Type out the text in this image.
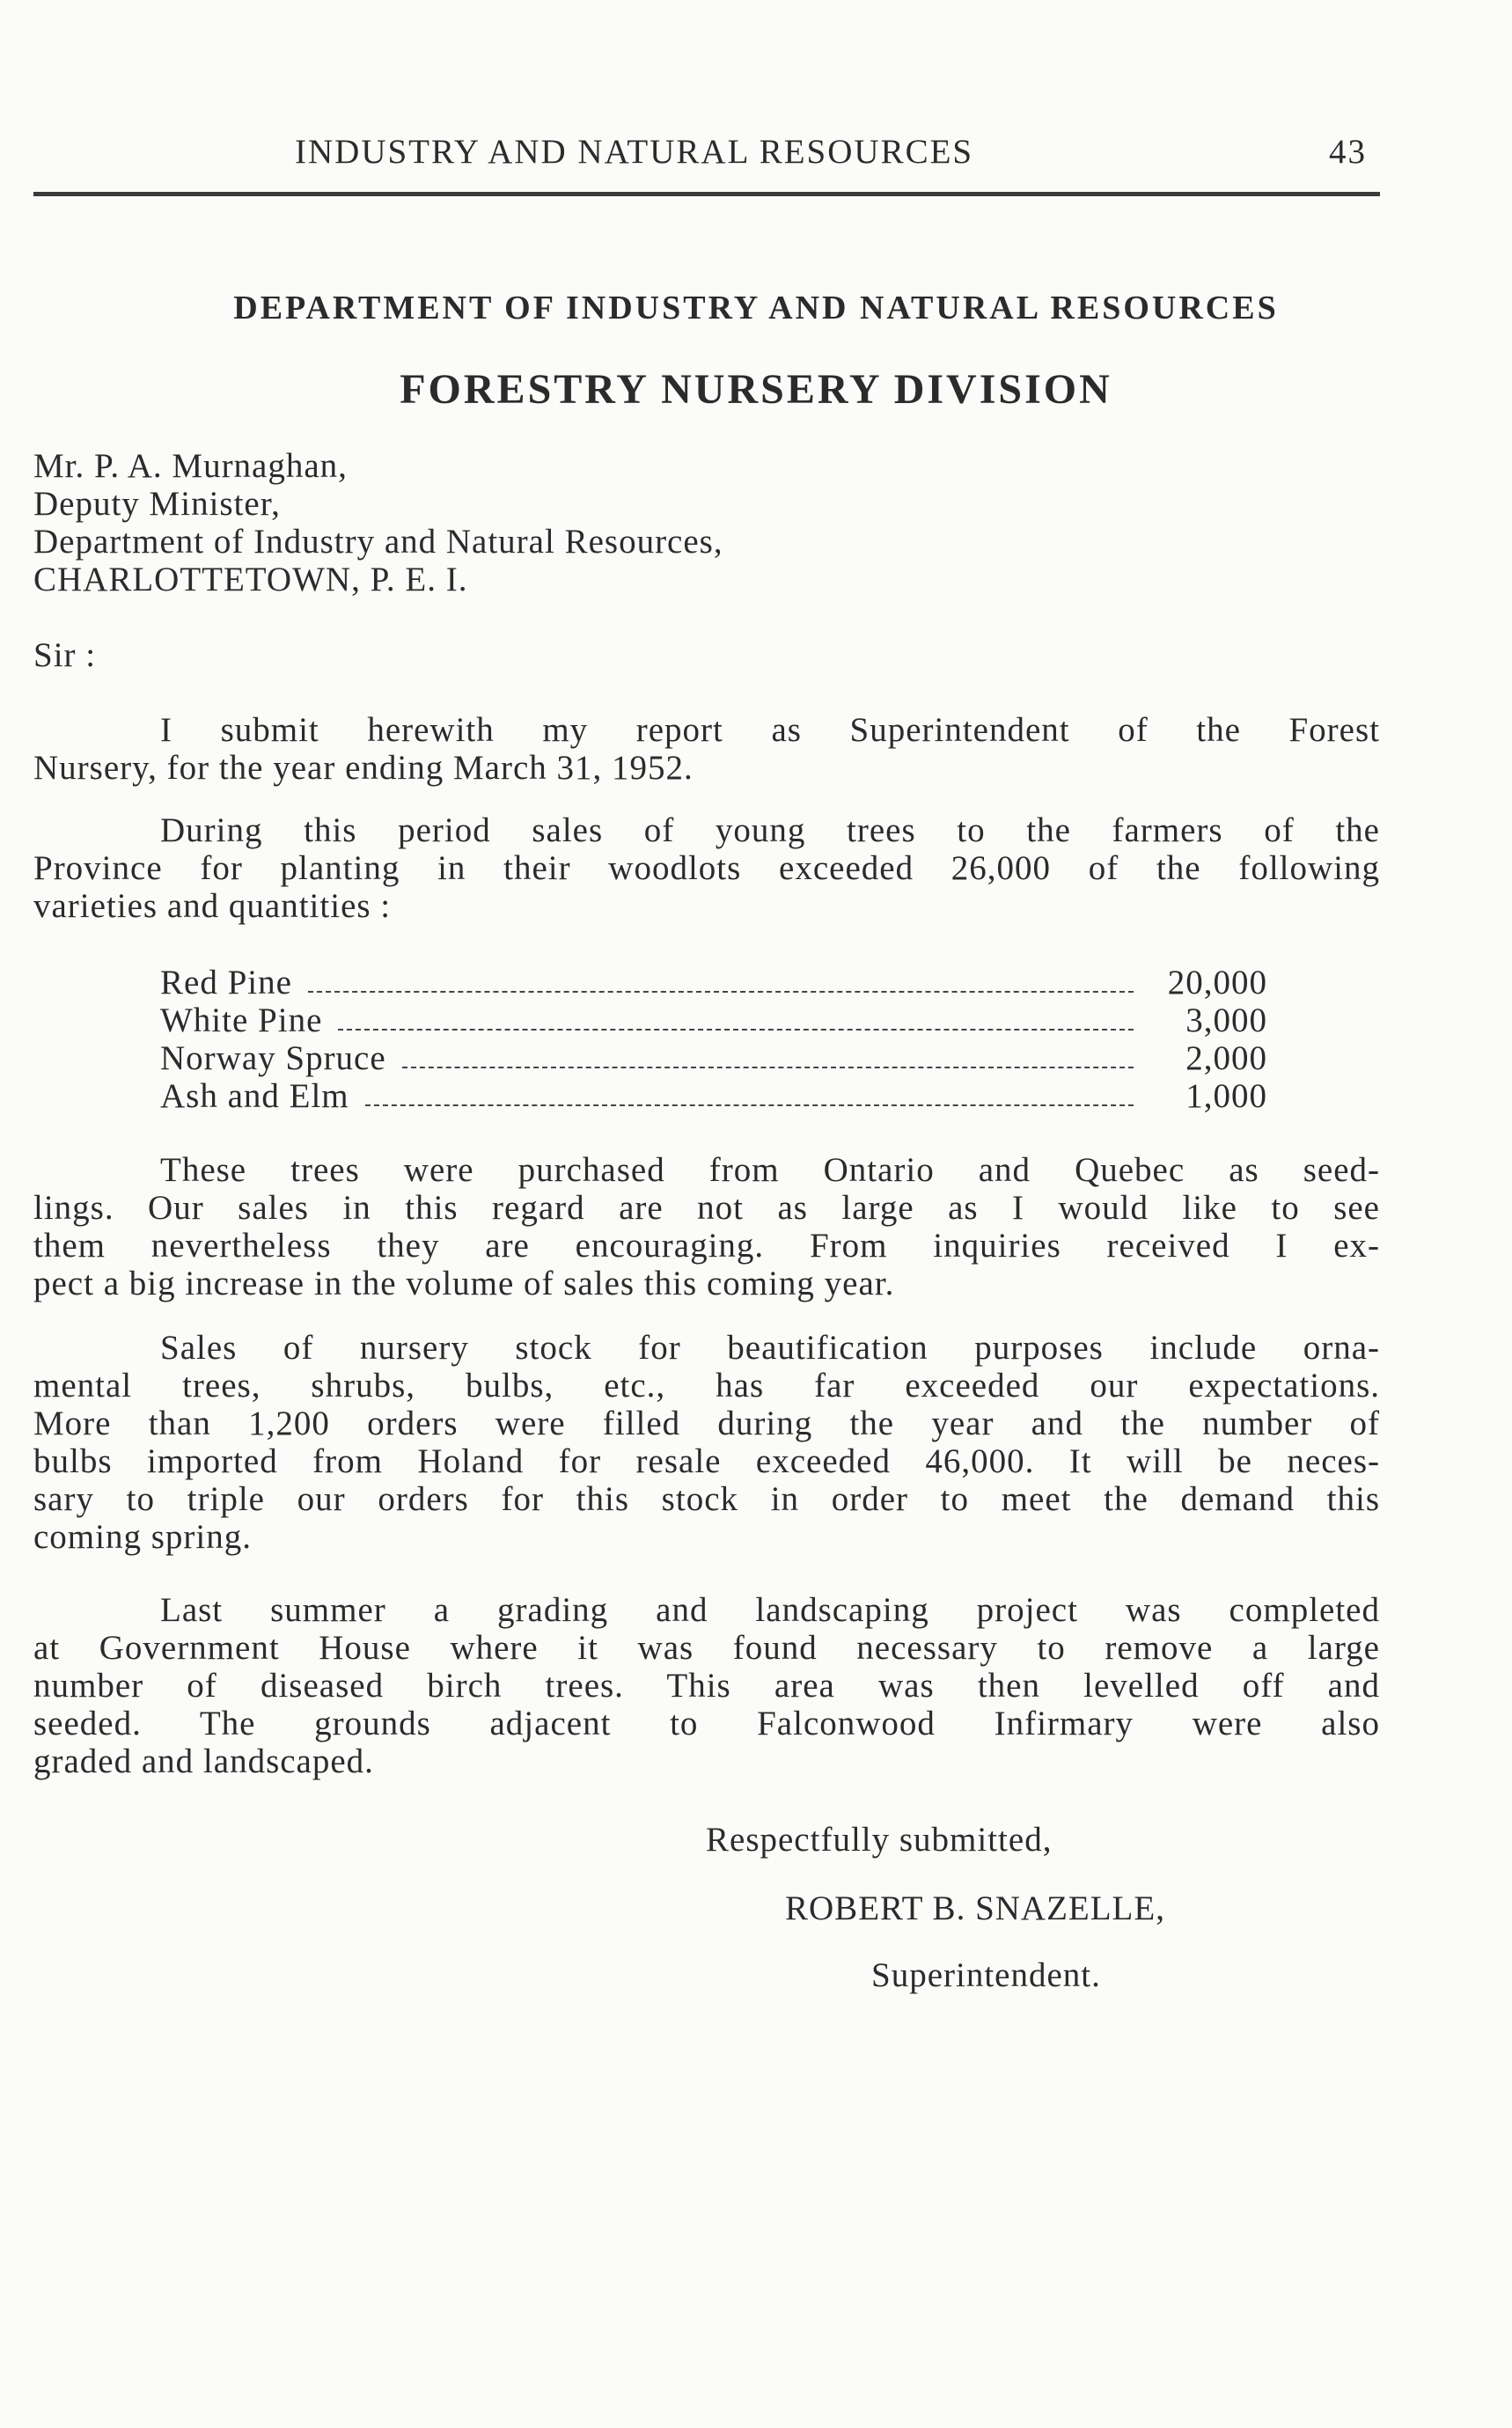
INDUSTRY AND NATURAL RESOURCES	43
DEPARTMENT OF INDUSTRY AND NATURAL RESOURCES
FORESTRY NURSERY DIVISION
Mr. P. A. Murnaghan,
Deputy Minister,
Department of Industry and Natural Resources,
CHARLOTTETOWN, P. E. I.
Sir :
I submit herewith my report as Superintendent of the Forest
Nursery, for the year ending March 31, 1952.
During this period sales of young trees to the farmers of the
Province for planting in their woodlots exceeded 26,000 of the following
varieties and quantities :
Red Pine	20,000
White Pine	3,000
Norway Spruce	2,000
Ash and Elm	1,000
These trees were purchased from Ontario and Quebec as seed-
lings. Our sales in this regard are not as large as I would like to see
them nevertheless they are encouraging. From inquiries received I ex-
pect a big increase in the volume of sales this coming year.
Sales of nursery stock for beautification purposes include orna-
mental trees, shrubs, bulbs, etc., has far exceeded our expectations.
More than 1,200 orders were filled during the year and the number of
bulbs imported from Holand for resale exceeded 46,000. It will be neces-
sary to triple our orders for this stock in order to meet the demand this
coming spring.
Last summer a grading and landscaping project was completed
at Government House where it was found necessary to remove a large
number of diseased birch trees. This area was then levelled off and
seeded. The grounds adjacent to Falconwood Infirmary were also
graded and landscaped.
Respectfully submitted,
ROBERT B. SNAZELLE,
Superintendent.
